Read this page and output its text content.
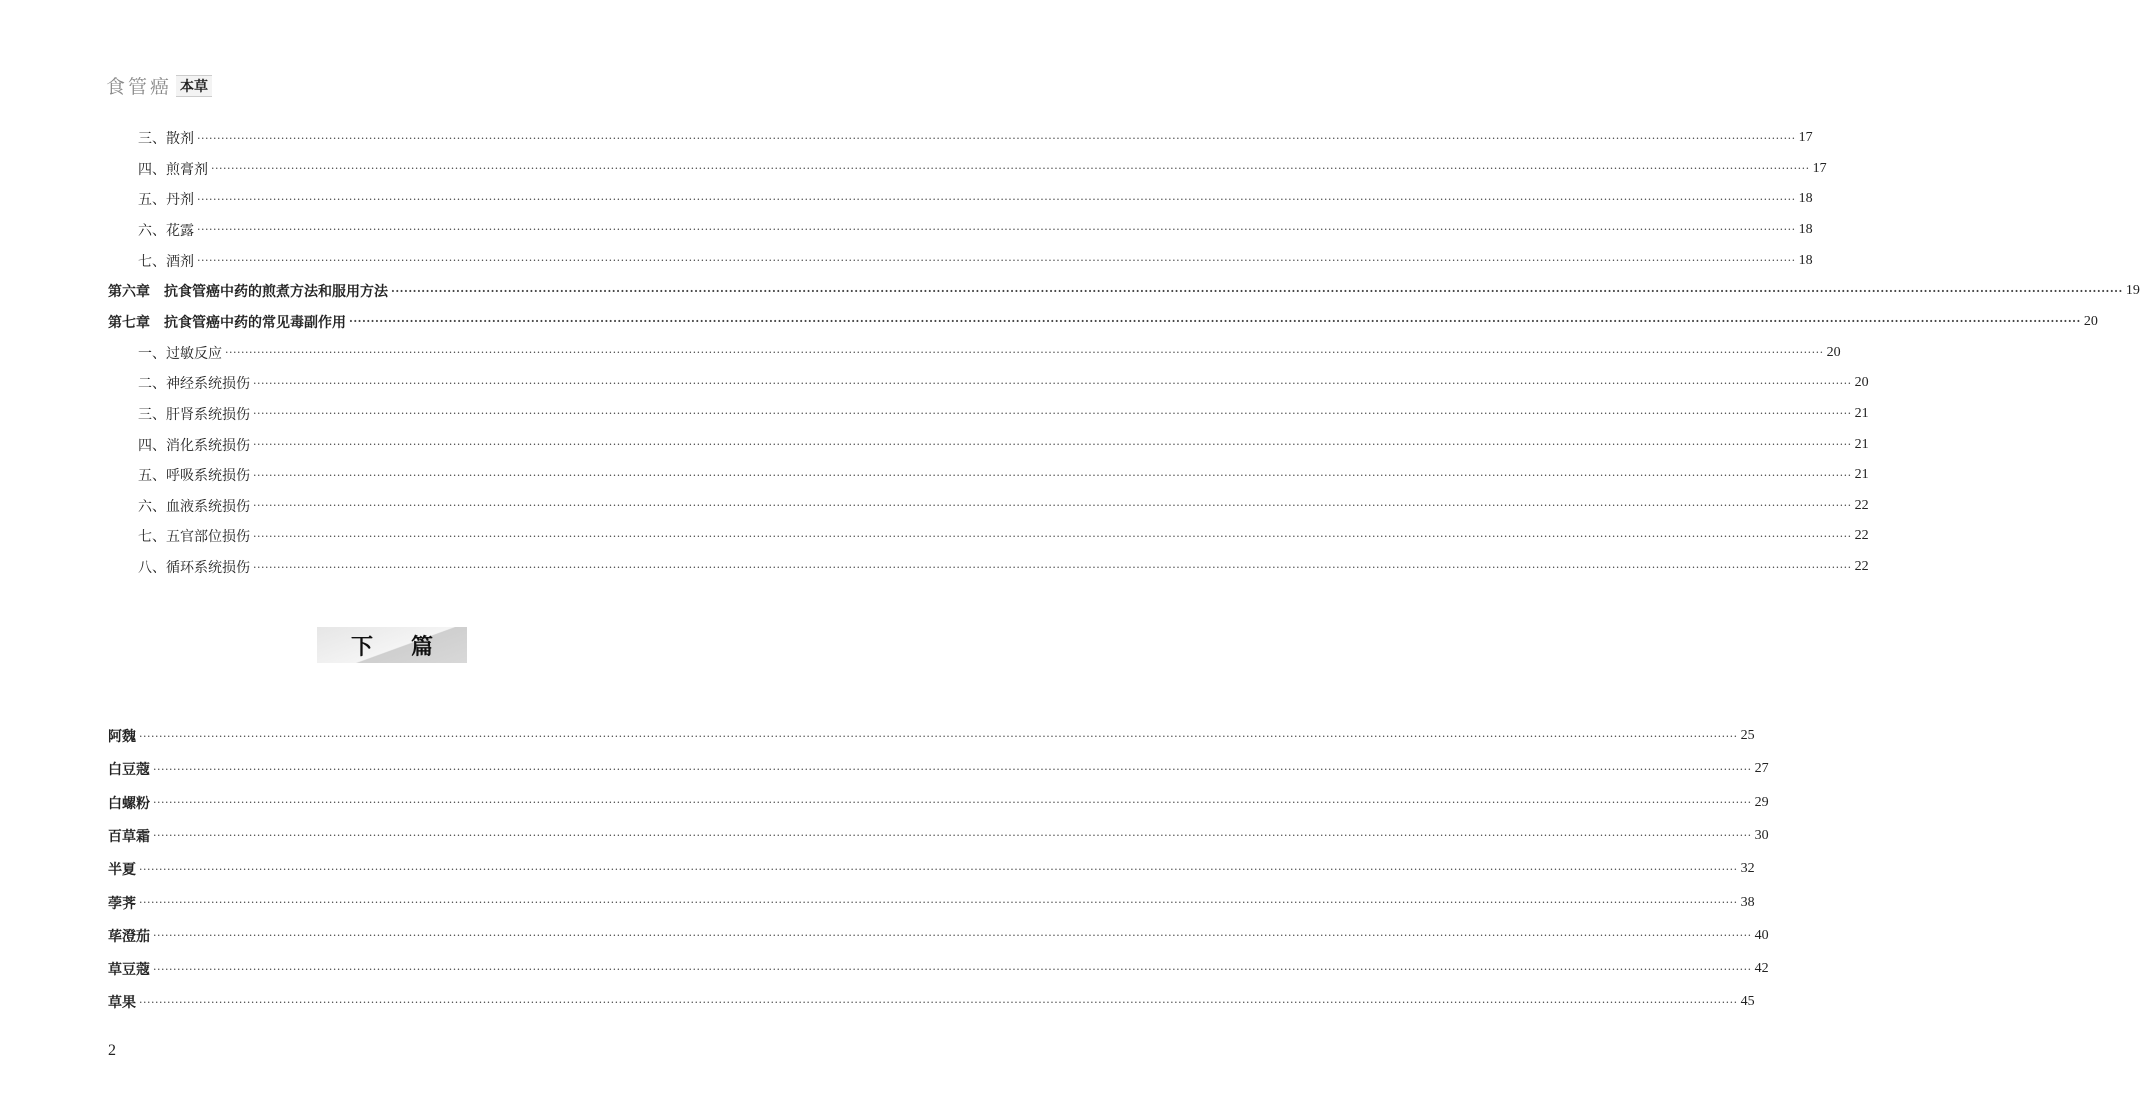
食管癌 本草
三、散剂 ················································································································································································································································································································································································································ 17
四、煎膏剂 ················································································································································································································································································································································································································ 17
五、丹剂 ················································································································································································································································································································································································································ 18
六、花露 ················································································································································································································································································································································································································ 18
七、酒剂 ················································································································································································································································································································································································································ 18
第六章　抗食管癌中药的煎煮方法和服用方法 ················································································································································································································································································································································································································ 19
第七章　抗食管癌中药的常见毒副作用 ················································································································································································································································································································································································································ 20
一、过敏反应 ················································································································································································································································································································································································································ 20
二、神经系统损伤 ················································································································································································································································································································································································································ 20
三、肝肾系统损伤 ················································································································································································································································································································································································································ 21
四、消化系统损伤 ················································································································································································································································································································································································································ 21
五、呼吸系统损伤 ················································································································································································································································································································································································································ 21
六、血液系统损伤 ················································································································································································································································································································································································································ 22
七、五官部位损伤 ················································································································································································································································································································································································································ 22
八、循环系统损伤 ················································································································································································································································································································································································································ 22
下 篇
阿魏 ················································································································································································································································································································································································································ 25
白豆蔻 ················································································································································································································································································································································································································ 27
白螺粉 ················································································································································································································································································································································································································ 29
百草霜 ················································································································································································································································································································································································································ 30
半夏 ················································································································································································································································································································································································································ 32
荸荠 ················································································································································································································································································································································································································ 38
荜澄茄 ················································································································································································································································································································································································································ 40
草豆蔻 ················································································································································································································································································································································································································ 42
草果 ················································································································································································································································································································································································································ 45
2
